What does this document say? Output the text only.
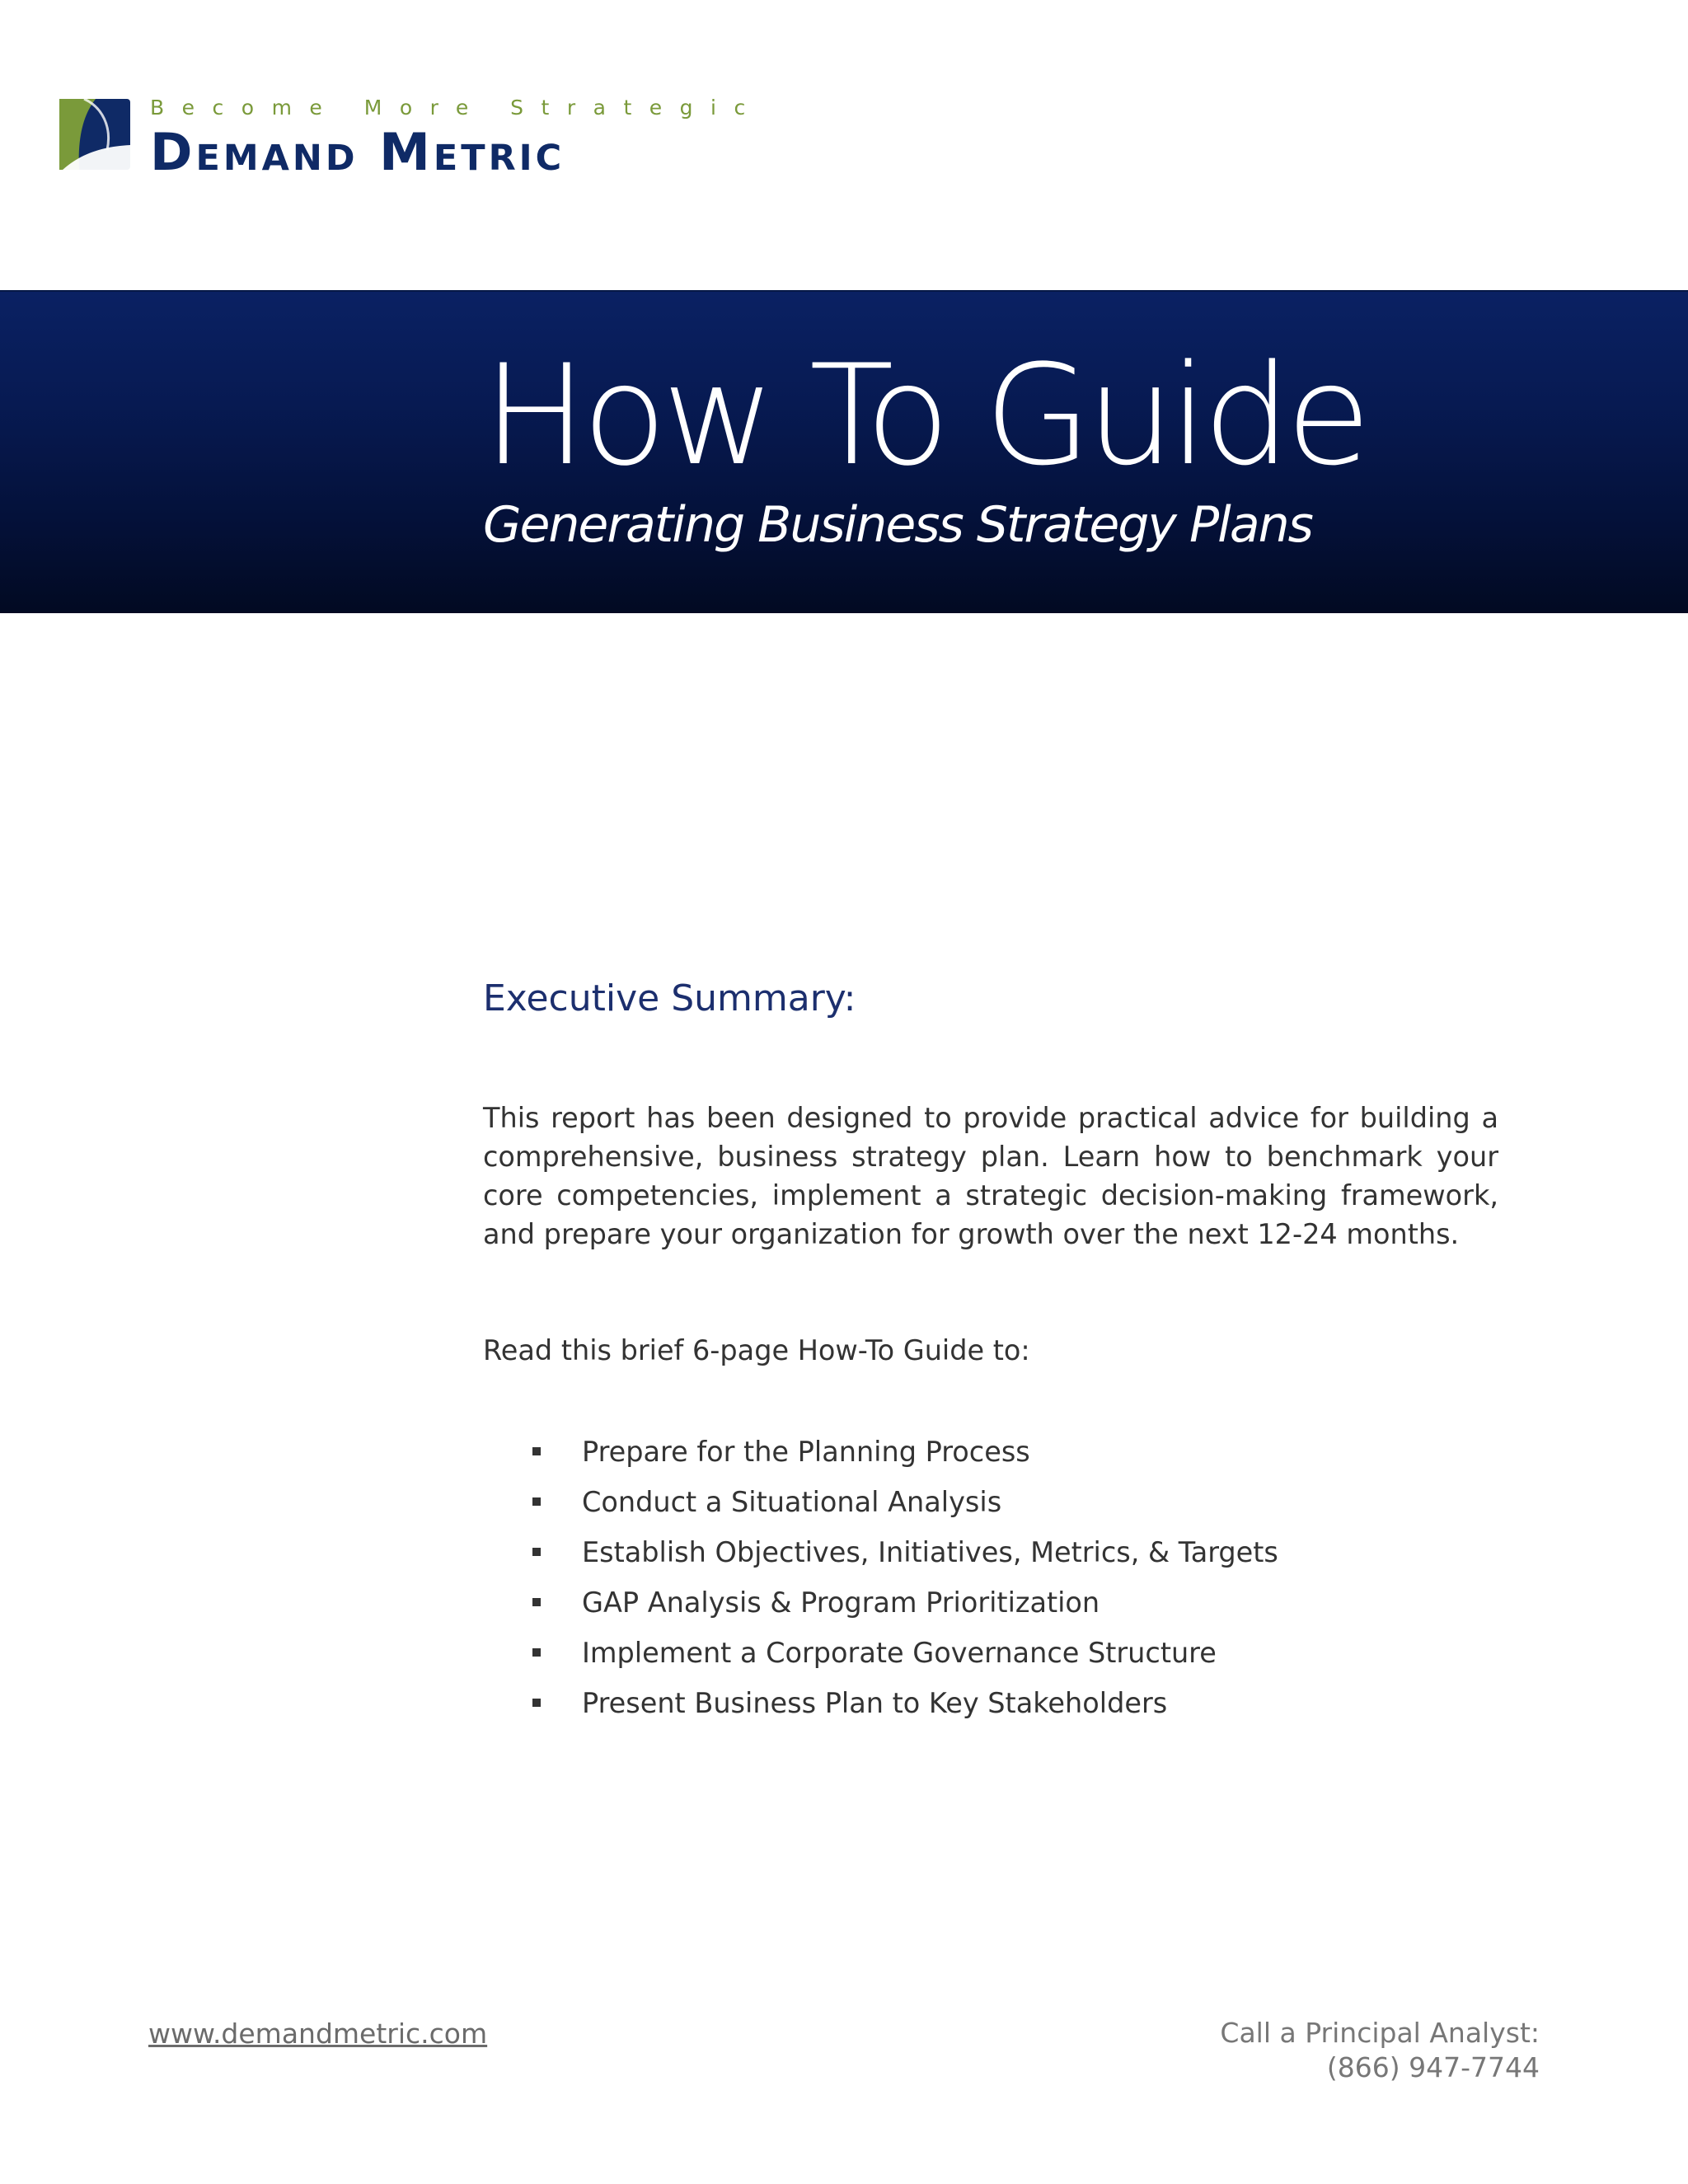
Become More Strategic
Demand Metric
How To Guide
Generating Business Strategy Plans
Executive Summary:

This report has been designed to provide practical advice for building a comprehensive, business strategy plan. Learn how to benchmark your core competencies, implement a strategic decision-making framework, and prepare your organization for growth over the next 12-24 months.

Read this brief 6-page How-To Guide to:
Prepare for the Planning Process
Conduct a Situational Analysis
Establish Objectives, Initiatives, Metrics, & Targets
GAP Analysis & Program Prioritization
Implement a Corporate Governance Structure
Present Business Plan to Key Stakeholders
www.demandmetric.com	Call a Principal Analyst:
(866) 947-7744
